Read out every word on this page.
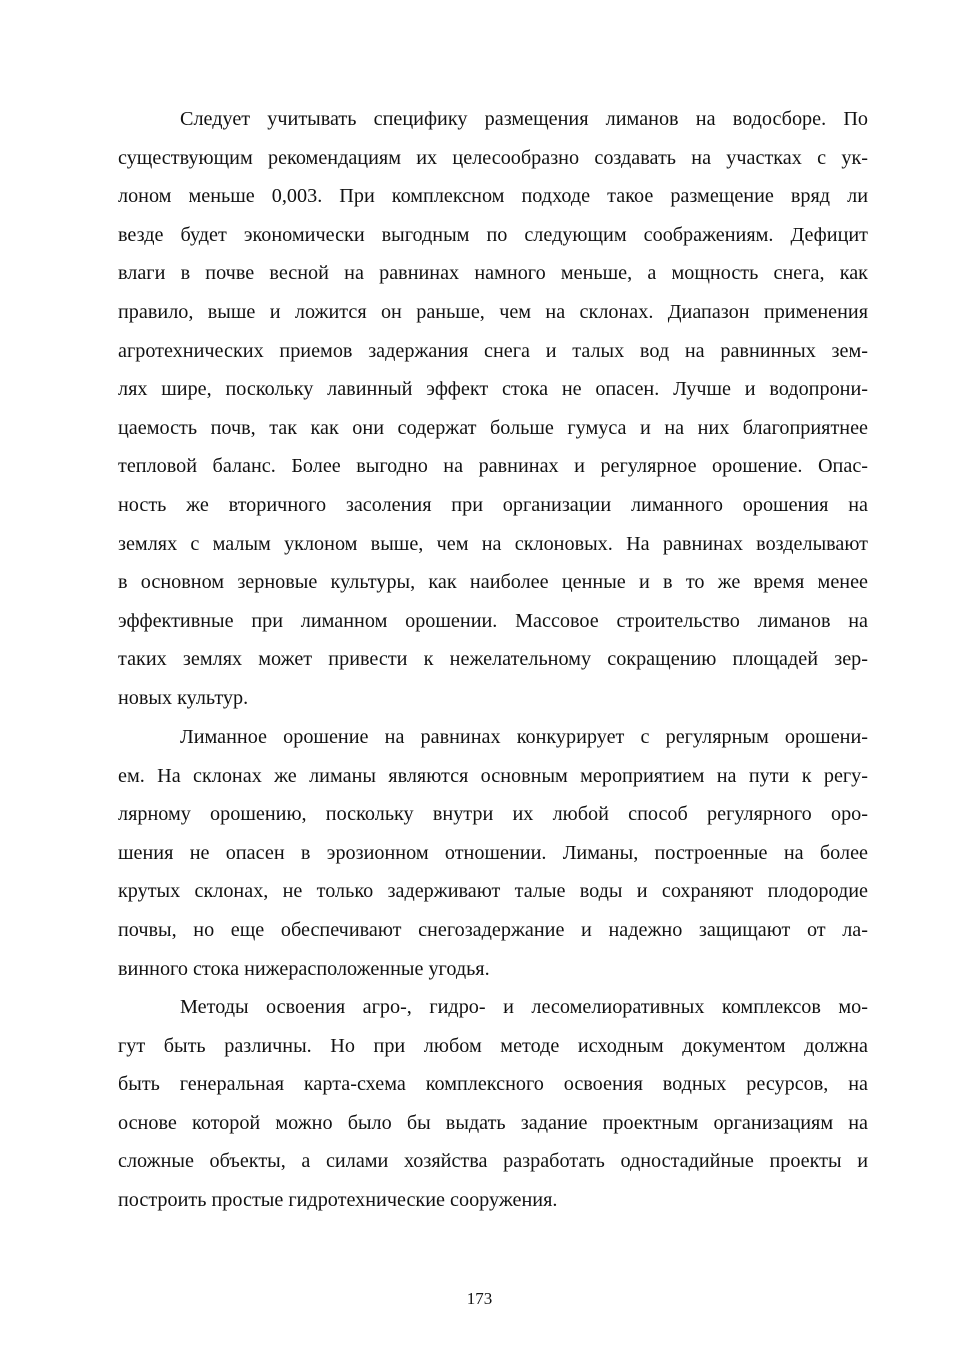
Следует учитывать специфику размещения лиманов на водосборе. По
существующим рекомендациям их целесообразно создавать на участках с ук-
лоном меньше 0,003. При комплексном подходе такое размещение вряд ли
везде будет экономически выгодным по следующим соображениям. Дефицит
влаги в почве весной на равнинах намного меньше, а мощность снега, как
правило, выше и ложится он раньше, чем на склонах. Диапазон применения
агротехнических приемов задержания снега и талых вод на равнинных зем-
лях шире, поскольку лавинный эффект стока не опасен. Лучше и водопрони-
цаемость почв, так как они содержат больше гумуса и на них благоприятнее
тепловой баланс. Более выгодно на равнинах и регулярное орошение. Опас-
ность же вторичного засоления при организации лиманного орошения на
землях с малым уклоном выше, чем на склоновых. На равнинах возделывают
в основном зерновые культуры, как наиболее ценные и в то же время менее
эффективные при лиманном орошении. Массовое строительство лиманов на
таких землях может привести к нежелательному сокращению площадей зер-
новых культур.
Лиманное орошение на равнинах конкурирует с регулярным орошени-
ем. На склонах же лиманы являются основным мероприятием на пути к регу-
лярному орошению, поскольку внутри их любой способ регулярного оро-
шения не опасен в эрозионном отношении. Лиманы, построенные на более
крутых склонах, не только задерживают талые воды и сохраняют плодородие
почвы, но еще обеспечивают снегозадержание и надежно защищают от ла-
винного стока нижерасположенные угодья.
Методы освоения агро-, гидро- и лесомелиоративных комплексов мо-
гут быть различны. Но при любом методе исходным документом должна
быть генеральная карта-схема комплексного освоения водных ресурсов, на
основе которой можно было бы выдать задание проектным организациям на
сложные объекты, а силами хозяйства разработать одностадийные проекты и
построить простые гидротехнические сооружения.
173
